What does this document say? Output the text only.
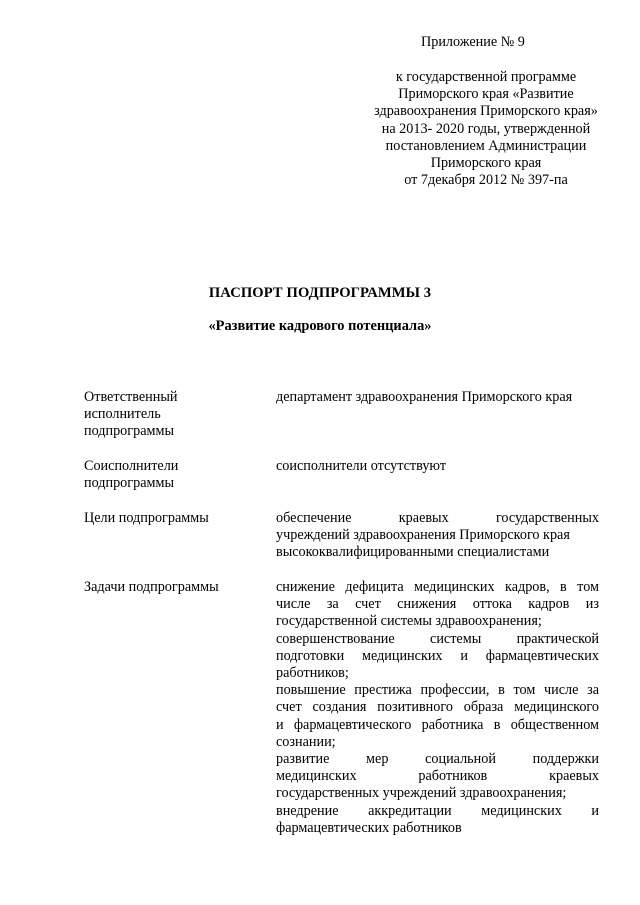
Приложение № 9
к государственной программе
Приморского края «Развитие
здравоохранения Приморского края»
на 2013- 2020 годы, утвержденной
постановлением Администрации
Приморского края
от 7декабря 2012 № 397-па
ПАСПОРТ ПОДПРОГРАММЫ 3
«Развитие кадрового потенциала»
Ответственный
исполнитель
подпрограммы
департамент здравоохранения Приморского края
Соисполнители
подпрограммы
соисполнители отсутствуют
Цели подпрограммы	обеспечение краевых государственных
учреждений здравоохранения Приморского края
высококвалифицированными специалистами
Задачи подпрограммы	снижение дефицита медицинских кадров, в том
числе за счет снижения оттока кадров из
государственной системы здравоохранения;
совершенствование системы практической
подготовки медицинских и фармацевтических
работников;
повышение престижа профессии, в том числе за
счет создания позитивного образа медицинского
и фармацевтического работника в общественном
сознании;
развитие мер социальной поддержки
медицинских работников краевых
государственных учреждений здравоохранения;
внедрение аккредитации медицинских и
фармацевтических работников
